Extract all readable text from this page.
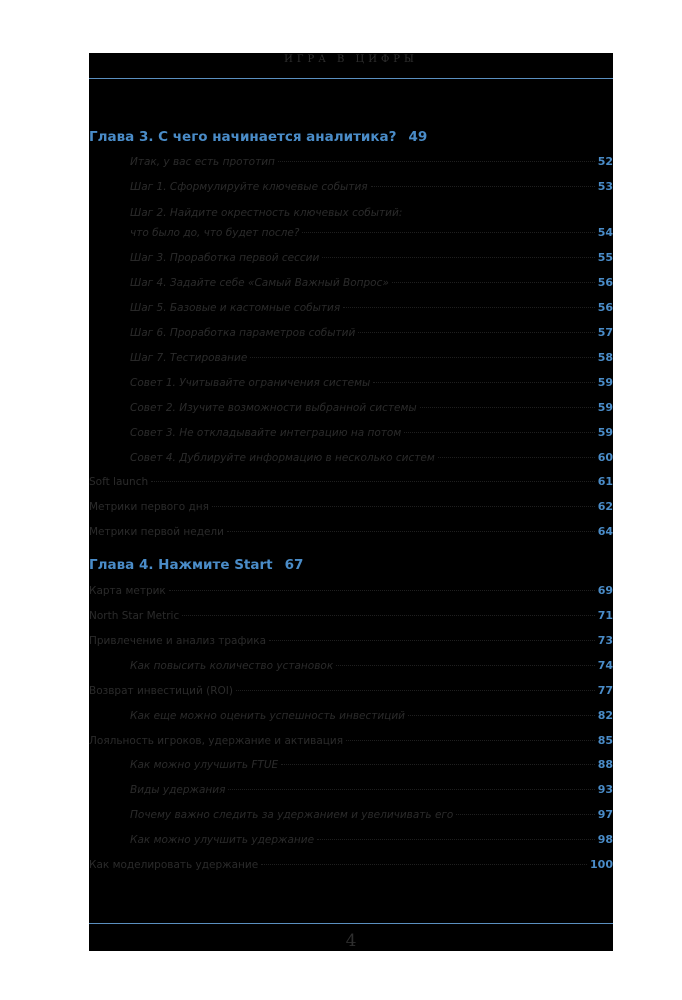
ИГРА В ЦИФРЫ
Глава 3. С чего начинается аналитика? 49
Итак, у вас есть прототип	52
Шаг 1. Сформулируйте ключевые события	53
Шаг 2. Найдите окрестность ключевых событий:
что было до, что будет после?	54
Шаг 3. Проработка первой сессии	55
Шаг 4. Задайте себе «Самый Важный Вопрос»	56
Шаг 5. Базовые и кастомные события	56
Шаг 6. Проработка параметров событий	57
Шаг 7. Тестирование	58
Совет 1. Учитывайте ограничения системы	59
Совет 2. Изучите возможности выбранной системы	59
Совет 3. Не откладывайте интеграцию на потом	59
Совет 4. Дублируйте информацию в несколько систем	60
Soft launch	61
Метрики первого дня	62
Метрики первой недели	64
Глава 4. Нажмите Start 67
Карта метрик	69
North Star Metric	71
Привлечение и анализ трафика	73
Как повысить количество установок	74
Возврат инвестиций (ROI)	77
Как еще можно оценить успешность инвестиций	82
Лояльность игроков, удержание и активация	85
Как можно улучшить FTUE	88
Виды удержания	93
Почему важно следить за удержанием и увеличивать его	97
Как можно улучшить удержание	98
Как моделировать удержание	100
4
